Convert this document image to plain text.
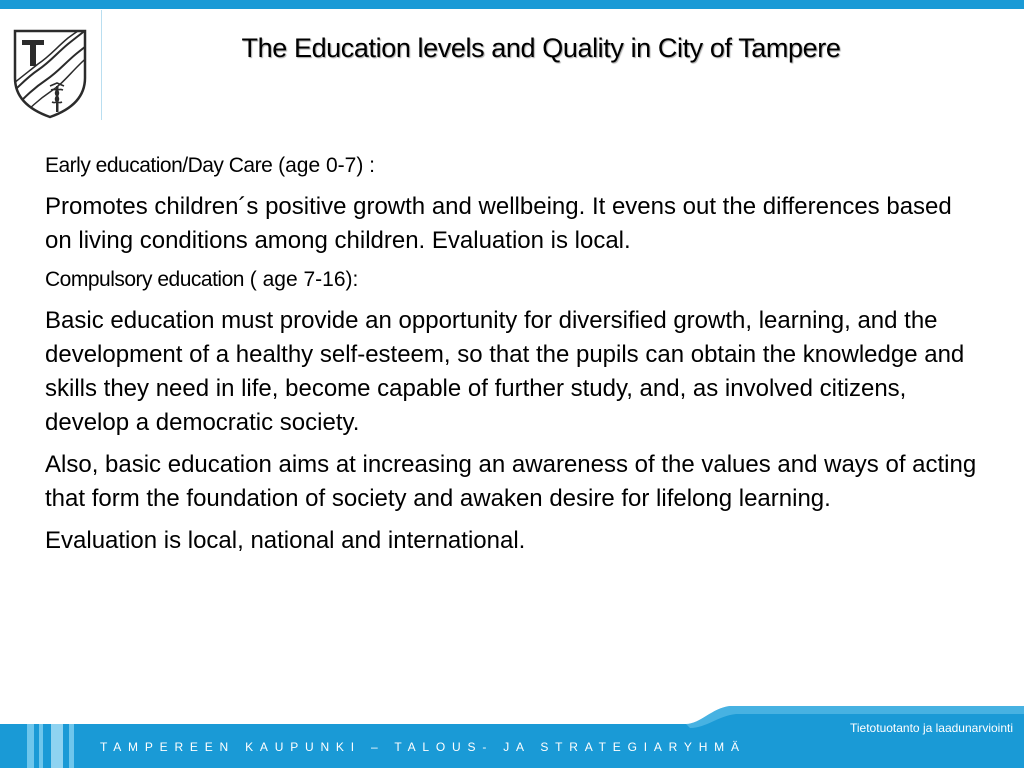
The Education levels and Quality in City of Tampere
Early education/Day Care (age 0-7) :

Promotes children´s positive growth and wellbeing. It evens out the differences based on living conditions among children. Evaluation is local.

Compulsory education ( age 7-16):

Basic education must provide an opportunity for diversified growth, learning, and the development of a healthy self-esteem, so that the pupils can obtain the knowledge and skills they need in life, become capable of further study, and, as involved citizens, develop a democratic society.

Also, basic education aims at increasing an awareness of the values and ways of acting that form the foundation of society and awaken desire for lifelong learning.

Evaluation is local, national and international.

TAMPEREEN KAUPUNKI – TALOUS- JA STRATEGIARYHMÄ
Tietotuotanto ja laadunarviointi
